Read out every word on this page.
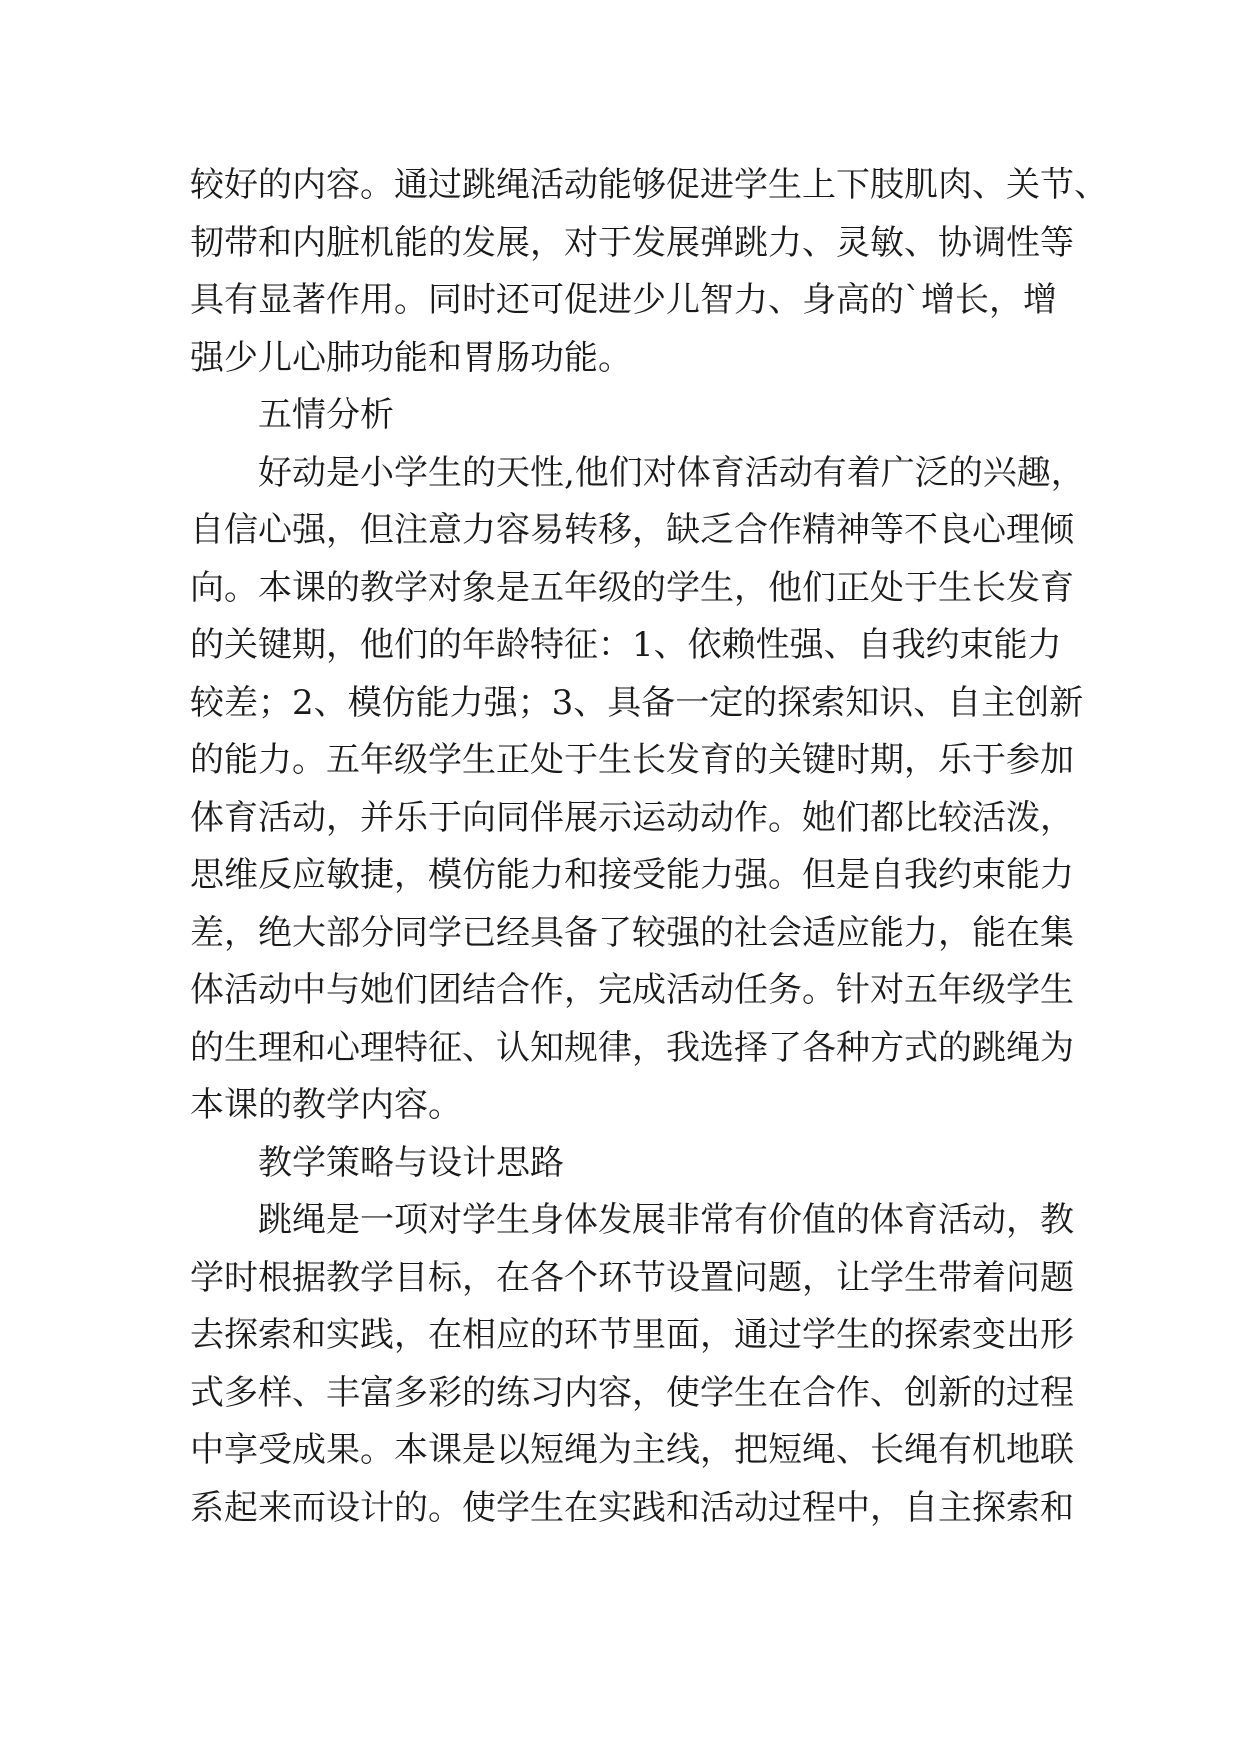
较好的内容。通过跳绳活动能够促进学生上下肢肌肉、关节、
韧带和内脏机能的发展，对于发展弹跳力、灵敏、协调性等
具有显著作用。同时还可促进少儿智力、身高的`增长，增
强少儿心肺功能和胃肠功能。
五情分析
好动是小学生的天性,他们对体育活动有着广泛的兴趣，
自信心强，但注意力容易转移，缺乏合作精神等不良心理倾
向。本课的教学对象是五年级的学生，他们正处于生长发育
的关键期，他们的年龄特征：1、依赖性强、自我约束能力
较差；2、模仿能力强；3、具备一定的探索知识、自主创新
的能力。五年级学生正处于生长发育的关键时期，乐于参加
体育活动，并乐于向同伴展示运动动作。她们都比较活泼，
思维反应敏捷，模仿能力和接受能力强。但是自我约束能力
差，绝大部分同学已经具备了较强的社会适应能力，能在集
体活动中与她们团结合作，完成活动任务。针对五年级学生
的生理和心理特征、认知规律，我选择了各种方式的跳绳为
本课的教学内容。
教学策略与设计思路
跳绳是一项对学生身体发展非常有价值的体育活动，教
学时根据教学目标，在各个环节设置问题，让学生带着问题
去探索和实践，在相应的环节里面，通过学生的探索变出形
式多样、丰富多彩的练习内容，使学生在合作、创新的过程
中享受成果。本课是以短绳为主线，把短绳、长绳有机地联
系起来而设计的。使学生在实践和活动过程中，自主探索和
